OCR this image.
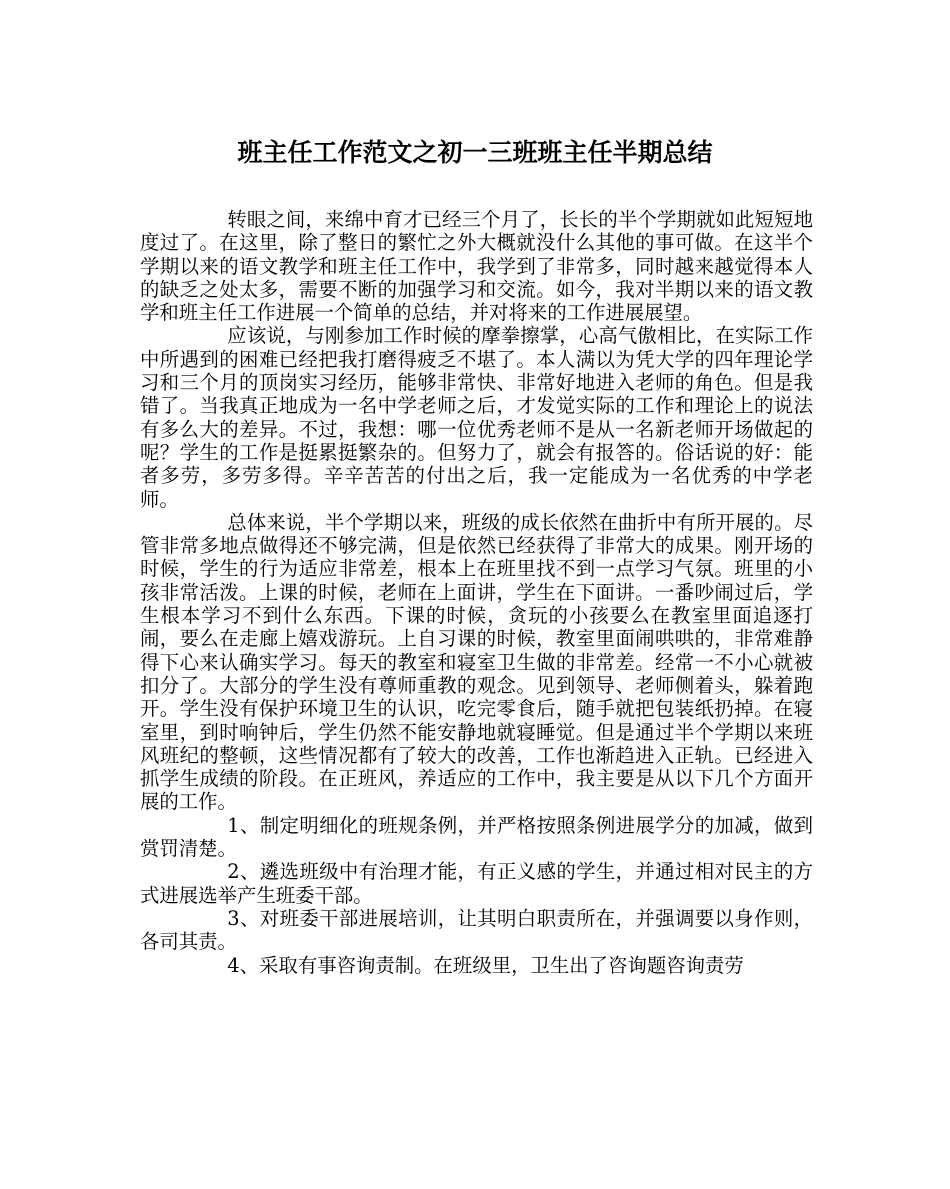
班主任工作范文之初一三班班主任半期总结

转眼之间，来绵中育才已经三个月了，长长的半个学期就如此短短地度过了。在这里，除了整日的繁忙之外大概就没什么其他的事可做。在这半个学期以来的语文教学和班主任工作中，我学到了非常多，同时越来越觉得本人的缺乏之处太多，需要不断的加强学习和交流。如今，我对半期以来的语文教学和班主任工作进展一个简单的总结，并对将来的工作进展展望。

应该说，与刚参加工作时候的摩拳擦掌，心高气傲相比，在实际工作中所遇到的困难已经把我打磨得疲乏不堪了。本人满以为凭大学的四年理论学习和三个月的顶岗实习经历，能够非常快、非常好地进入老师的角色。但是我错了。当我真正地成为一名中学老师之后，才发觉实际的工作和理论上的说法有多么大的差异。不过，我想：哪一位优秀老师不是从一名新老师开场做起的呢？学生的工作是挺累挺繁杂的。但努力了，就会有报答的。俗话说的好：能者多劳，多劳多得。辛辛苦苦的付出之后，我一定能成为一名优秀的中学老师。

总体来说，半个学期以来，班级的成长依然在曲折中有所开展的。尽管非常多地点做得还不够完满，但是依然已经获得了非常大的成果。刚开场的时候，学生的行为适应非常差，根本上在班里找不到一点学习气氛。班里的小孩非常活泼。上课的时候，老师在上面讲，学生在下面讲。一番吵闹过后，学生根本学习不到什么东西。下课的时候，贪玩的小孩要么在教室里面追逐打闹，要么在走廊上嬉戏游玩。上自习课的时候，教室里面闹哄哄的，非常难静得下心来认确实学习。每天的教室和寝室卫生做的非常差。经常一不小心就被扣分了。大部分的学生没有尊师重教的观念。见到领导、老师侧着头，躲着跑开。学生没有保护环境卫生的认识，吃完零食后，随手就把包装纸扔掉。在寝室里，到时响钟后，学生仍然不能安静地就寝睡觉。但是通过半个学期以来班风班纪的整顿，这些情况都有了较大的改善，工作也渐趋进入正轨。已经进入抓学生成绩的阶段。在正班风，养适应的工作中，我主要是从以下几个方面开展的工作。

1、制定明细化的班规条例，并严格按照条例进展学分的加减，做到赏罚清楚。

2、遴选班级中有治理才能，有正义感的学生，并通过相对民主的方式进展选举产生班委干部。

3、对班委干部进展培训，让其明白职责所在，并强调要以身作则，各司其责。

4、采取有事咨询责制。在班级里，卫生出了咨询题咨询责劳
